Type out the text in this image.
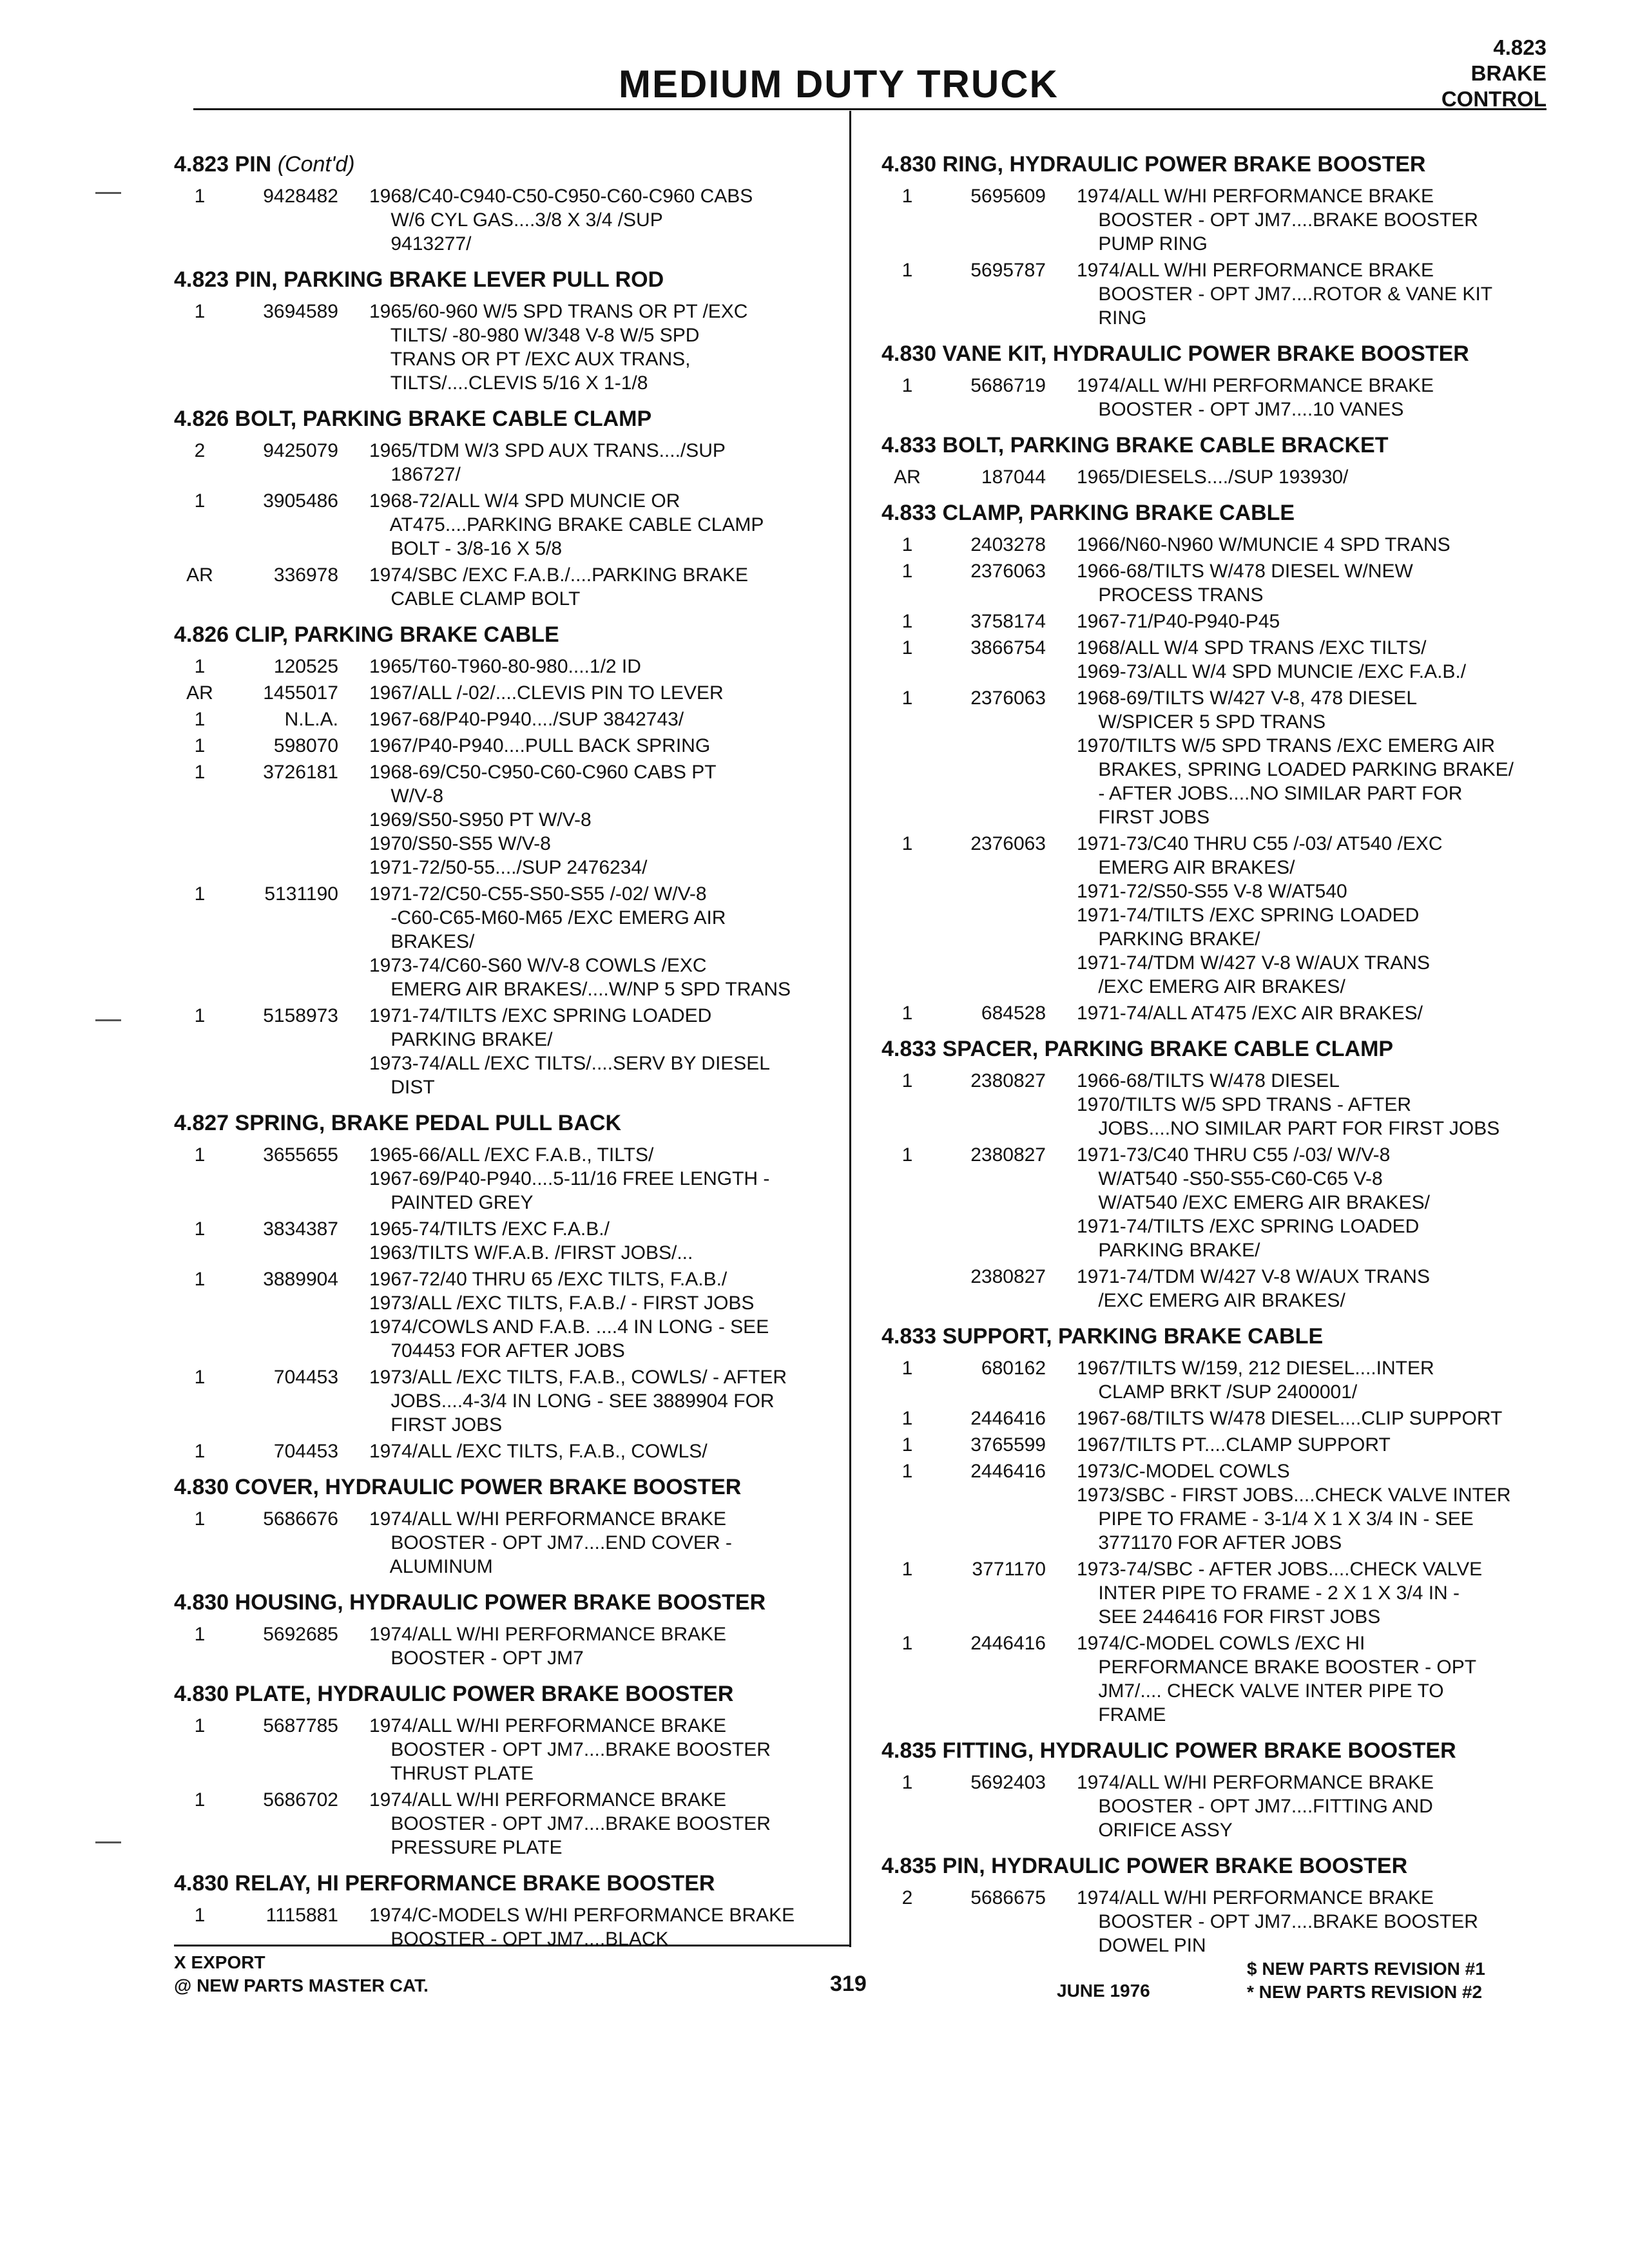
MEDIUM DUTY TRUCK
4.823
BRAKE
CONTROL
4.823 PIN (Cont'd)
1	9428482 1968/C40-C940-C50-C950-C60-C960 CABS
W/6 CYL GAS....3/8 X 3/4 /SUP
9413277/
4.823 PIN, PARKING BRAKE LEVER PULL ROD
1	3694589 1965/60-960 W/5 SPD TRANS OR PT /EXC
TILTS/ -80-980 W/348 V-8 W/5 SPD
TRANS OR PT /EXC AUX TRANS,
TILTS/....CLEVIS 5/16 X 1-1/8
4.826 BOLT, PARKING BRAKE CABLE CLAMP
2	9425079 1965/TDM W/3 SPD AUX TRANS..../SUP
186727/
1	3905486 1968-72/ALL W/4 SPD MUNCIE OR
AT475....PARKING BRAKE CABLE CLAMP
BOLT - 3/8-16 X 5/8
AR	336978 1974/SBC /EXC F.A.B./....PARKING BRAKE
CABLE CLAMP BOLT
4.826 CLIP, PARKING BRAKE CABLE
1	120525 1965/T60-T960-80-980....1/2 ID
AR	1455017 1967/ALL /-02/....CLEVIS PIN TO LEVER
1	N.L.A. 1967-68/P40-P940..../SUP 3842743/
1	598070 1967/P40-P940....PULL BACK SPRING
1	3726181 1968-69/C50-C950-C60-C960 CABS PT
W/V-8
1969/S50-S950 PT W/V-8
1970/S50-S55 W/V-8
1971-72/50-55..../SUP 2476234/
1	5131190 1971-72/C50-C55-S50-S55 /-02/ W/V-8
-C60-C65-M60-M65 /EXC EMERG AIR
BRAKES/
1973-74/C60-S60 W/V-8 COWLS /EXC
EMERG AIR BRAKES/....W/NP 5 SPD TRANS
1	5158973 1971-74/TILTS /EXC SPRING LOADED
PARKING BRAKE/
1973-74/ALL /EXC TILTS/....SERV BY DIESEL
DIST
4.827 SPRING, BRAKE PEDAL PULL BACK
1	3655655 1965-66/ALL /EXC F.A.B., TILTS/
1967-69/P40-P940....5-11/16 FREE LENGTH -
PAINTED GREY
1	3834387 1965-74/TILTS /EXC F.A.B./
1963/TILTS W/F.A.B. /FIRST JOBS/...
1	3889904 1967-72/40 THRU 65 /EXC TILTS, F.A.B./
1973/ALL /EXC TILTS, F.A.B./ - FIRST JOBS
1974/COWLS AND F.A.B. ....4 IN LONG - SEE
704453 FOR AFTER JOBS
1	704453 1973/ALL /EXC TILTS, F.A.B., COWLS/ - AFTER
JOBS....4-3/4 IN LONG - SEE 3889904 FOR
FIRST JOBS
1	704453 1974/ALL /EXC TILTS, F.A.B., COWLS/
4.830 COVER, HYDRAULIC POWER BRAKE BOOSTER
1	5686676 1974/ALL W/HI PERFORMANCE BRAKE
BOOSTER - OPT JM7....END COVER -
ALUMINUM
4.830 HOUSING, HYDRAULIC POWER BRAKE BOOSTER
1	5692685 1974/ALL W/HI PERFORMANCE BRAKE
BOOSTER - OPT JM7
4.830 PLATE, HYDRAULIC POWER BRAKE BOOSTER
1	5687785 1974/ALL W/HI PERFORMANCE BRAKE
BOOSTER - OPT JM7....BRAKE BOOSTER
THRUST PLATE
1	5686702 1974/ALL W/HI PERFORMANCE BRAKE
BOOSTER - OPT JM7....BRAKE BOOSTER
PRESSURE PLATE
4.830 RELAY, HI PERFORMANCE BRAKE BOOSTER
1	1115881 1974/C-MODELS W/HI PERFORMANCE BRAKE
BOOSTER - OPT JM7....BLACK
4.830 RING, HYDRAULIC POWER BRAKE BOOSTER
1	5695609 1974/ALL W/HI PERFORMANCE BRAKE
BOOSTER - OPT JM7....BRAKE BOOSTER
PUMP RING
1	5695787 1974/ALL W/HI PERFORMANCE BRAKE
BOOSTER - OPT JM7....ROTOR & VANE KIT
RING
4.830 VANE KIT, HYDRAULIC POWER BRAKE BOOSTER
1	5686719 1974/ALL W/HI PERFORMANCE BRAKE
BOOSTER - OPT JM7....10 VANES
4.833 BOLT, PARKING BRAKE CABLE BRACKET
AR	187044 1965/DIESELS..../SUP 193930/
4.833 CLAMP, PARKING BRAKE CABLE
1	2403278 1966/N60-N960 W/MUNCIE 4 SPD TRANS
1	2376063 1966-68/TILTS W/478 DIESEL W/NEW
PROCESS TRANS
1	3758174 1967-71/P40-P940-P45
1	3866754 1968/ALL W/4 SPD TRANS /EXC TILTS/
1969-73/ALL W/4 SPD MUNCIE /EXC F.A.B./
1	2376063 1968-69/TILTS W/427 V-8, 478 DIESEL
W/SPICER 5 SPD TRANS
1970/TILTS W/5 SPD TRANS /EXC EMERG AIR
BRAKES, SPRING LOADED PARKING BRAKE/
- AFTER JOBS....NO SIMILAR PART FOR
FIRST JOBS
1	2376063 1971-73/C40 THRU C55 /-03/ AT540 /EXC
EMERG AIR BRAKES/
1971-72/S50-S55 V-8 W/AT540
1971-74/TILTS /EXC SPRING LOADED
PARKING BRAKE/
1971-74/TDM W/427 V-8 W/AUX TRANS
/EXC EMERG AIR BRAKES/
1	684528 1971-74/ALL AT475 /EXC AIR BRAKES/
4.833 SPACER, PARKING BRAKE CABLE CLAMP
1	2380827 1966-68/TILTS W/478 DIESEL
1970/TILTS W/5 SPD TRANS - AFTER
JOBS....NO SIMILAR PART FOR FIRST JOBS
1	2380827 1971-73/C40 THRU C55 /-03/ W/V-8
W/AT540 -S50-S55-C60-C65 V-8
W/AT540 /EXC EMERG AIR BRAKES/
1971-74/TILTS /EXC SPRING LOADED
PARKING BRAKE/
2380827 1971-74/TDM W/427 V-8 W/AUX TRANS
/EXC EMERG AIR BRAKES/
4.833 SUPPORT, PARKING BRAKE CABLE
1	680162 1967/TILTS W/159, 212 DIESEL....INTER
CLAMP BRKT /SUP 2400001/
1	2446416 1967-68/TILTS W/478 DIESEL....CLIP SUPPORT
1	3765599 1967/TILTS PT....CLAMP SUPPORT
1	2446416 1973/C-MODEL COWLS
1973/SBC - FIRST JOBS....CHECK VALVE INTER
PIPE TO FRAME - 3-1/4 X 1 X 3/4 IN - SEE
3771170 FOR AFTER JOBS
1	3771170 1973-74/SBC - AFTER JOBS....CHECK VALVE
INTER PIPE TO FRAME - 2 X 1 X 3/4 IN -
SEE 2446416 FOR FIRST JOBS
1	2446416 1974/C-MODEL COWLS /EXC HI
PERFORMANCE BRAKE BOOSTER - OPT
JM7/.... CHECK VALVE INTER PIPE TO
FRAME
4.835 FITTING, HYDRAULIC POWER BRAKE BOOSTER
1	5692403 1974/ALL W/HI PERFORMANCE BRAKE
BOOSTER - OPT JM7....FITTING AND
ORIFICE ASSY
4.835 PIN, HYDRAULIC POWER BRAKE BOOSTER
2	5686675 1974/ALL W/HI PERFORMANCE BRAKE
BOOSTER - OPT JM7....BRAKE BOOSTER
DOWEL PIN
X EXPORT
@ NEW PARTS MASTER CAT.	319	JUNE 1976
$ NEW PARTS REVISION #1
* NEW PARTS REVISION #2
